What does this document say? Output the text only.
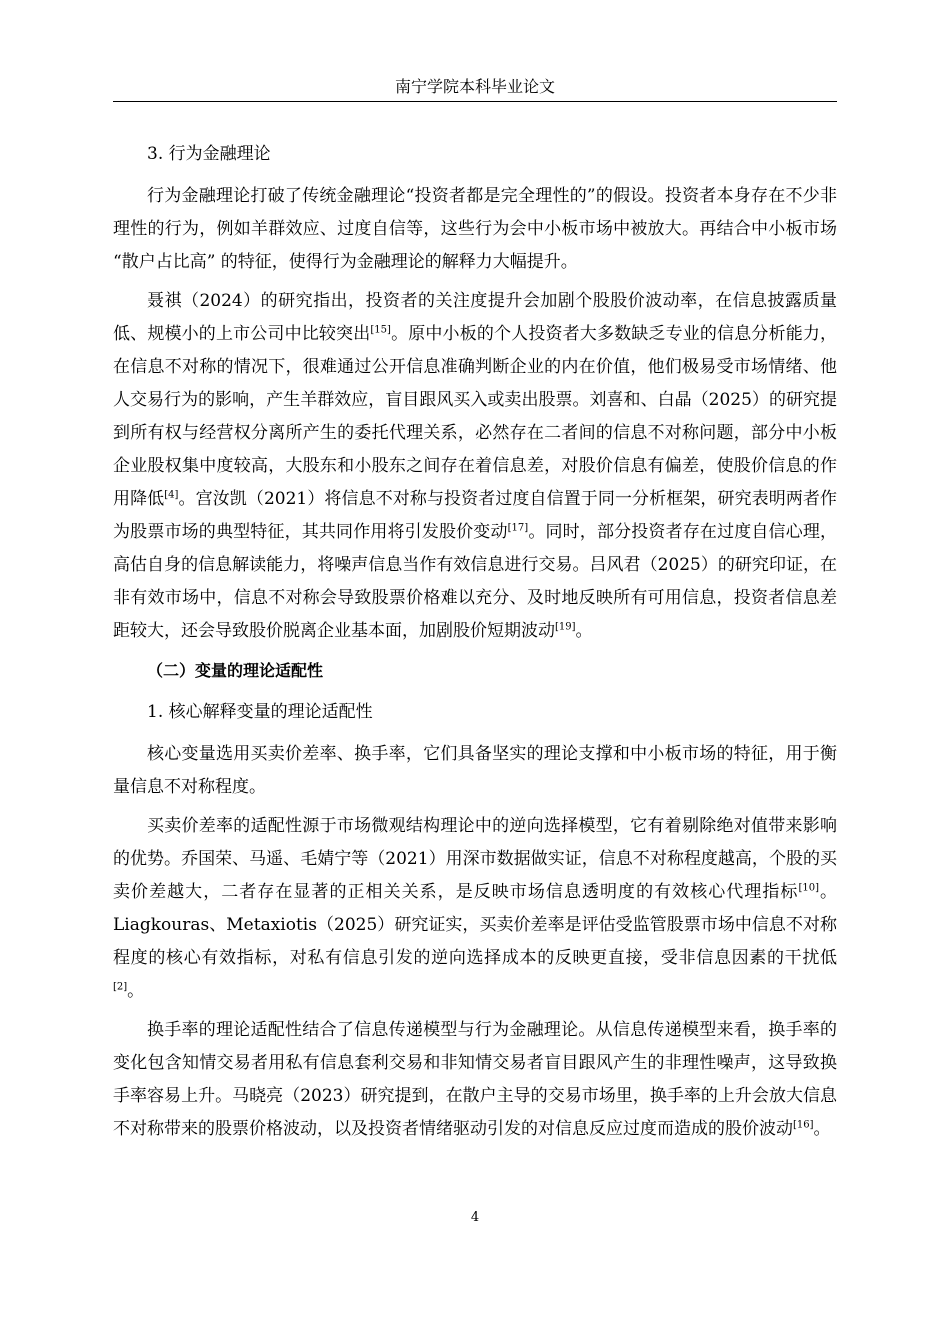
南宁学院本科毕业论文

3. 行为金融理论

行为金融理论打破了传统金融理论“投资者都是完全理性的”的假设。投资者本身存在不少非理性的行为，例如羊群效应、过度自信等，这些行为会中小板市场中被放大。再结合中小板市场 “散户占比高” 的特征，使得行为金融理论的解释力大幅提升。

聂祺（2024）的研究指出，投资者的关注度提升会加剧个股股价波动率，在信息披露质量低、规模小的上市公司中比较突出[15]。原中小板的个人投资者大多数缺乏专业的信息分析能力，在信息不对称的情况下，很难通过公开信息准确判断企业的内在价值，他们极易受市场情绪、他人交易行为的影响，产生羊群效应，盲目跟风买入或卖出股票。刘喜和、白晶（2025）的研究提到所有权与经营权分离所产生的委托代理关系，必然存在二者间的信息不对称问题，部分中小板企业股权集中度较高，大股东和小股东之间存在着信息差，对股价信息有偏差，使股价信息的作用降低[4]。宫汝凯（2021）将信息不对称与投资者过度自信置于同一分析框架，研究表明两者作为股票市场的典型特征，其共同作用将引发股价变动[17]。同时，部分投资者存在过度自信心理，高估自身的信息解读能力，将噪声信息当作有效信息进行交易。吕风君（2025）的研究印证，在非有效市场中，信息不对称会导致股票价格难以充分、及时地反映所有可用信息，投资者信息差距较大，还会导致股价脱离企业基本面，加剧股价短期波动[19]。

（二）变量的理论适配性

1. 核心解释变量的理论适配性

核心变量选用买卖价差率、换手率，它们具备坚实的理论支撑和中小板市场的特征，用于衡量信息不对称程度。

买卖价差率的适配性源于市场微观结构理论中的逆向选择模型，它有着剔除绝对值带来影响的优势。乔国荣、马遥、毛婧宁等（2021）用深市数据做实证，信息不对称程度越高，个股的买卖价差越大，二者存在显著的正相关关系，是反映市场信息透明度的有效核心代理指标[10]。Liagkouras、Metaxiotis（2025）研究证实，买卖价差率是评估受监管股票市场中信息不对称程度的核心有效指标，对私有信息引发的逆向选择成本的反映更直接，受非信息因素的干扰低[2]。

换手率的理论适配性结合了信息传递模型与行为金融理论。从信息传递模型来看，换手率的变化包含知情交易者用私有信息套利交易和非知情交易者盲目跟风产生的非理性噪声，这导致换手率容易上升。马晓亮（2023）研究提到，在散户主导的交易市场里，换手率的上升会放大信息不对称带来的股票价格波动，以及投资者情绪驱动引发的对信息反应过度而造成的股价波动[16]。

4
